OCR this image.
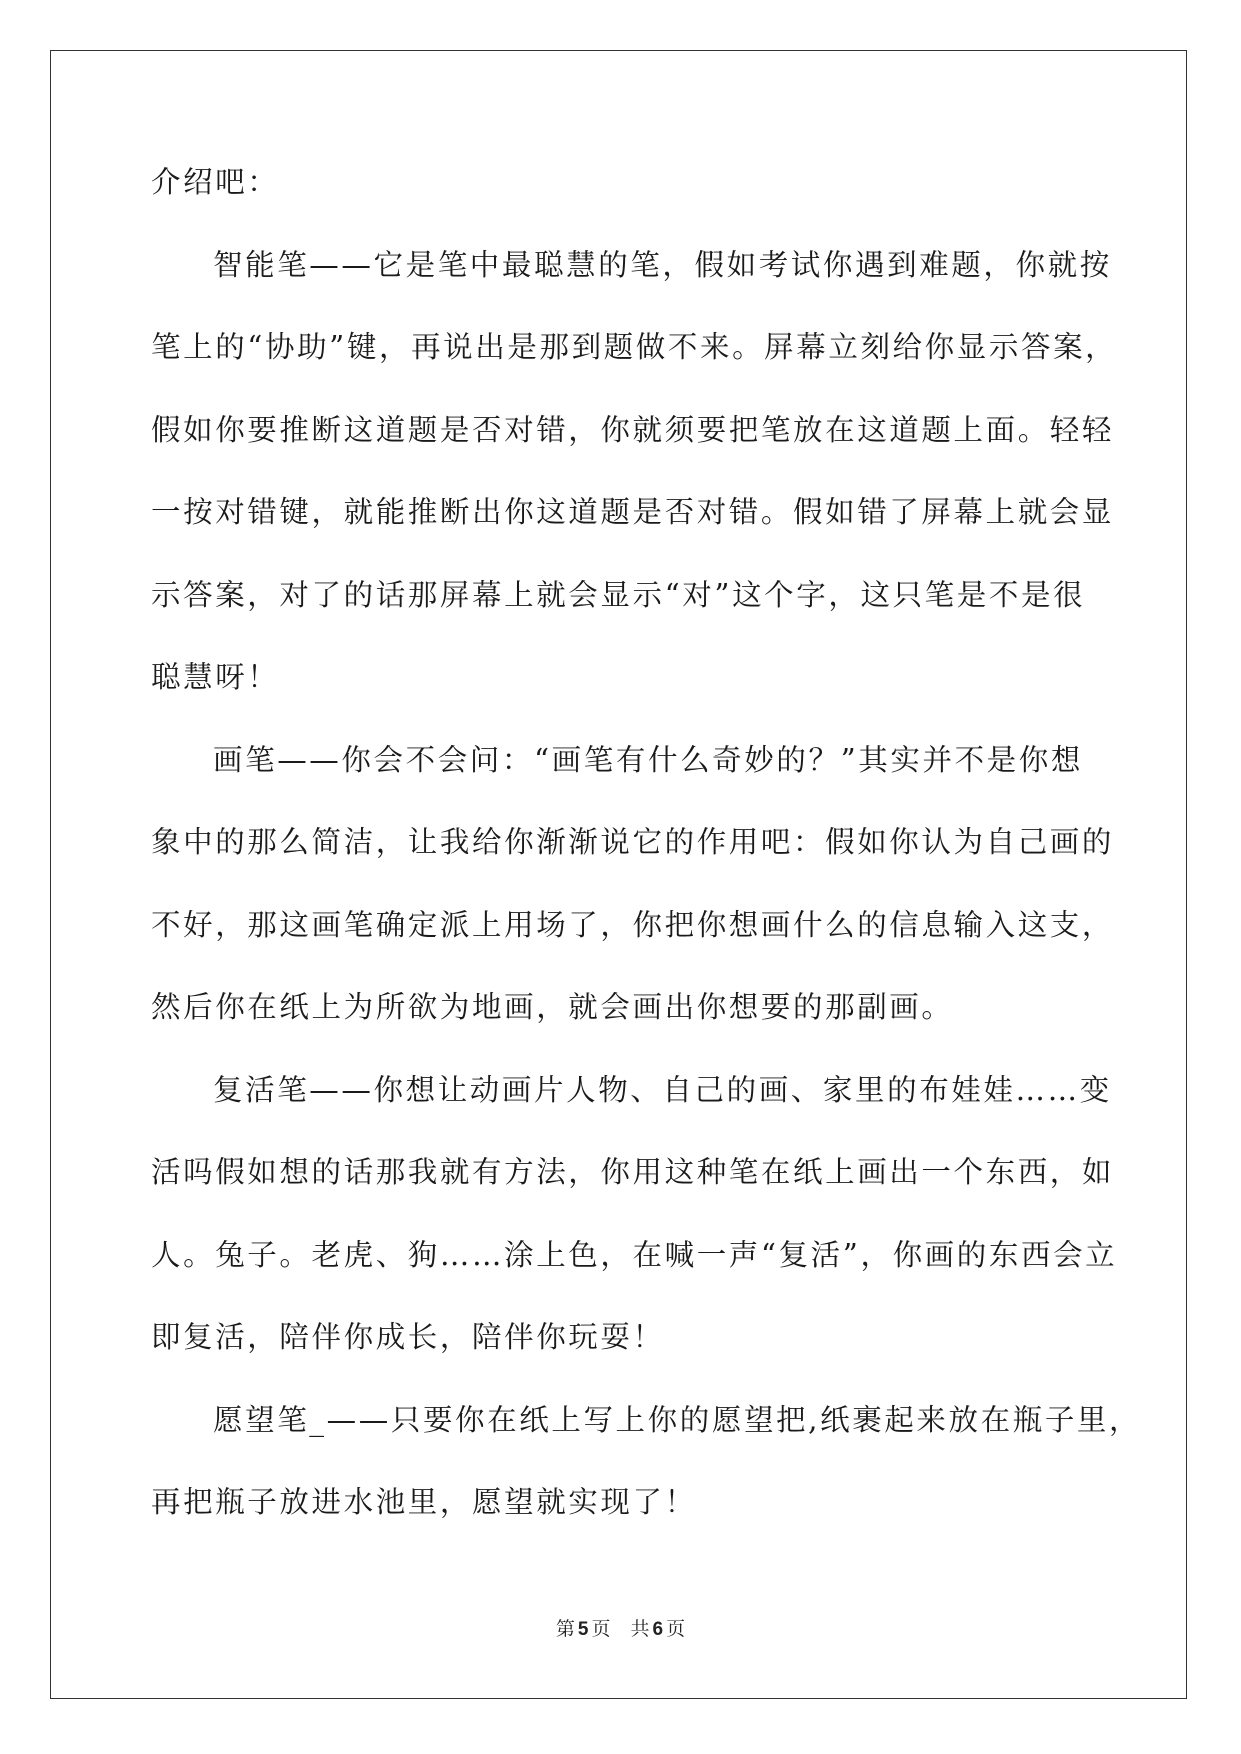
介绍吧：
智能笔——它是笔中最聪慧的笔，假如考试你遇到难题，你就按
笔上的“协助”键，再说出是那到题做不来。屏幕立刻给你显示答案，
假如你要推断这道题是否对错，你就须要把笔放在这道题上面。轻轻
一按对错键，就能推断出你这道题是否对错。假如错了屏幕上就会显
示答案，对了的话那屏幕上就会显示“对”这个字，这只笔是不是很
聪慧呀！
画笔——你会不会问：“画笔有什么奇妙的？”其实并不是你想
象中的那么简洁，让我给你渐渐说它的作用吧：假如你认为自己画的
不好，那这画笔确定派上用场了，你把你想画什么的信息输入这支，
然后你在纸上为所欲为地画，就会画出你想要的那副画。
复活笔——你想让动画片人物、自己的画、家里的布娃娃……变
活吗假如想的话那我就有方法，你用这种笔在纸上画出一个东西，如
人。兔子。老虎、狗……涂上色，在喊一声“复活”，你画的东西会立
即复活，陪伴你成长，陪伴你玩耍！
愿望笔_——只要你在纸上写上你的愿望把,纸裹起来放在瓶子里，
再把瓶子放进水池里，愿望就实现了！
第 5 页 共 6 页
